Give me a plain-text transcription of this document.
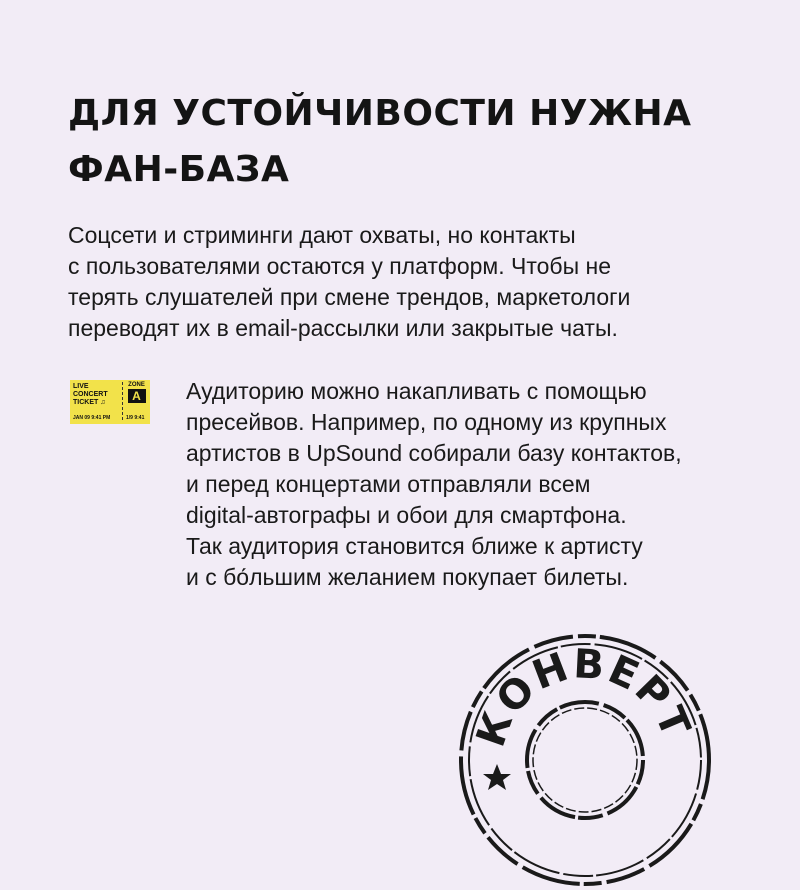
ДЛЯ УСТОЙЧИВОСТИ НУЖНА
ФАН-БАЗА
Соцсети и стриминги дают охваты, но контакты
с пользователями остаются у платформ. Чтобы не
терять слушателей при смене трендов, маркетологи
переводят их в email-рассылки или закрытые чаты.
LIVE
CONCERT
TICKET ♫
ZONE
A
JAN 09 9:41 PM	1/9 9:41
Аудиторию можно накапливать с помощью
пресейвов. Например, по одному из крупных
артистов в UpSound собирали базу контактов,
и перед концертами отправляли всем
digital-автографы и обои для смартфона.
Так аудитория становится ближе к артисту
и с бо́льшим желанием покупает билеты.
КОНВЕРТ
